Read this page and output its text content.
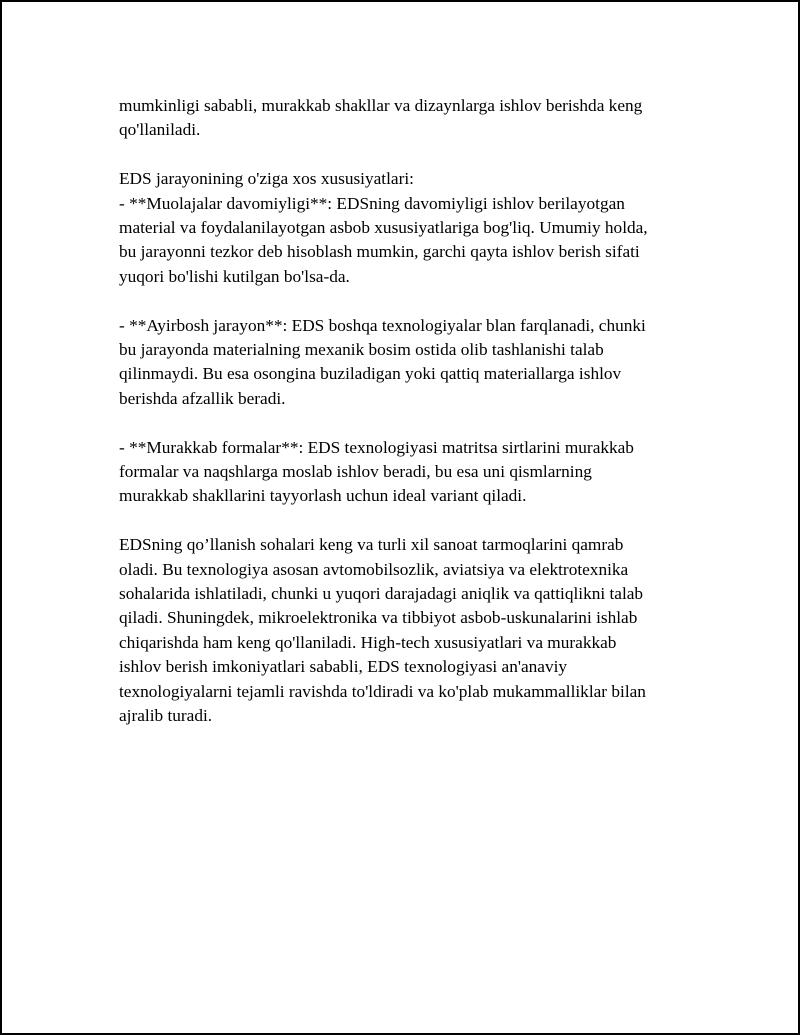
mumkinligi sababli, murakkab shakllar va dizaynlarga ishlov berishda keng

qo'llaniladi.

EDS jarayonining o'ziga xos xususiyatlari:

- **Muolajalar davomiyligi**: EDSning davomiyligi ishlov berilayotgan

material va foydalanilayotgan asbob xususiyatlariga bog'liq. Umumiy holda,

bu jarayonni tezkor deb hisoblash mumkin, garchi qayta ishlov berish sifati

yuqori bo'lishi kutilgan bo'lsa-da.

- **Ayirbosh jarayon**: EDS boshqa texnologiyalar blan farqlanadi, chunki

bu jarayonda materialning mexanik bosim ostida olib tashlanishi talab

qilinmaydi. Bu esa osongina buziladigan yoki qattiq materiallarga ishlov

berishda afzallik beradi.

- **Murakkab formalar**: EDS texnologiyasi matritsa sirtlarini murakkab

formalar va naqshlarga moslab ishlov beradi, bu esa uni qismlarning

murakkab shakllarini tayyorlash uchun ideal variant qiladi.

EDSning qo’llanish sohalari keng va turli xil sanoat tarmoqlarini qamrab

oladi. Bu texnologiya asosan avtomobilsozlik, aviatsiya va elektrotexnika

sohalarida ishlatiladi, chunki u yuqori darajadagi aniqlik va qattiqlikni talab

qiladi. Shuningdek, mikroelektronika va tibbiyot asbob-uskunalarini ishlab

chiqarishda ham keng qo'llaniladi. High-tech xususiyatlari va murakkab

ishlov berish imkoniyatlari sababli, EDS texnologiyasi an'anaviy

texnologiyalarni tejamli ravishda to'ldiradi va ko'plab mukammalliklar bilan

ajralib turadi.
